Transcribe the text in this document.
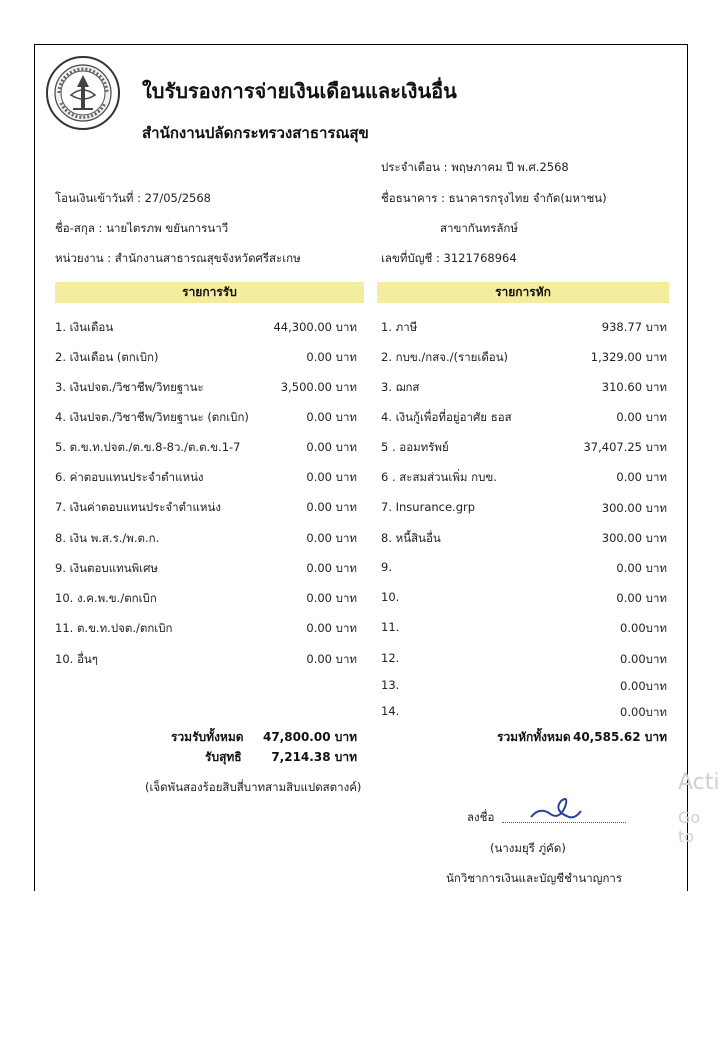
ใบรับรองการจ่ายเงินเดือนและเงินอื่น
สำนักงานปลัดกระทรวงสาธารณสุข
ประจำเดือน : พฤษภาคม ปี พ.ศ.2568
โอนเงินเข้าวันที่ : 27/05/2568	ชื่อธนาคาร : ธนาคารกรุงไทย จำกัด(มหาชน)
สาขากันทรลักษ์
ชื่อ-สกุล : นายไตรภพ ขยันการนาวี
หน่วยงาน : สำนักงานสาธารณสุขจังหวัดศรีสะเกษ	เลขที่บัญชี : 3121768964
รายการรับ	รายการหัก
1. เงินเดือน	44,300.00 บาท
2. เงินเดือน (ตกเบิก)	0.00 บาท
3. เงินปจต./วิชาชีพ/วิทยฐานะ	3,500.00 บาท
4. เงินปจต./วิชาชีพ/วิทยฐานะ (ตกเบิก)	0.00 บาท
5. ต.ข.ท.ปจต./ต.ข.8-8ว./ต.ต.ข.1-7	0.00 บาท
6. ค่าตอบแทนประจำตำแหน่ง	0.00 บาท
7. เงินค่าตอบแทนประจำตำแหน่ง	0.00 บาท
8. เงิน พ.ส.ร./พ.ต.ก.	0.00 บาท
9. เงินตอบแทนพิเศษ	0.00 บาท
10. ง.ค.พ.ข./ตกเบิก	0.00 บาท
11. ต.ข.ท.ปจต./ตกเบิก	0.00 บาท
10. อื่นๆ	0.00 บาท
1. ภาษี	938.77 บาท
2. กบข./กสจ./(รายเดือน)	1,329.00 บาท
3. ฌกส	310.60 บาท
4. เงินกู้เพื่อที่อยู่อาศัย ธอส	0.00 บาท
5 . ออมทรัพย์	37,407.25 บาท
6 . สะสมส่วนเพิ่ม กบข.	0.00 บาท
7. Insurance.grp	300.00 บาท
8. หนี้สินอื่น	300.00 บาท
9.	0.00 บาท
10.	0.00 บาท
11.	0.00บาท
12.	0.00บาท
13.	0.00บาท
14.	0.00บาท
รวมรับทั้งหมด 47,800.00 บาท
รับสุทธิ 7,214.38 บาท
(เจ็ดพันสองร้อยสิบสี่บาทสามสิบแปดสตางค์)
รวมหักทั้งหมด 40,585.62 บาท
ลงชื่อ
(นางมยุรี ภู่คัด)
นักวิชาการเงินและบัญชีชำนาญการ
Acti
Go to
